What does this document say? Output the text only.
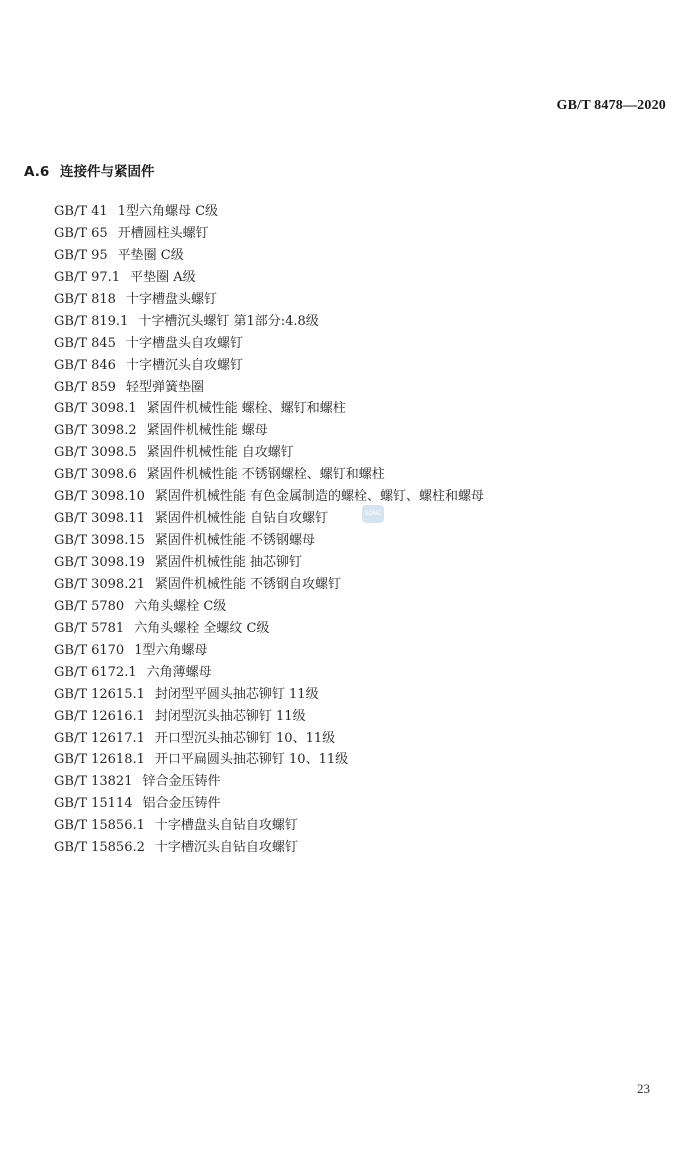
GB/T 8478—2020
A.6 连接件与紧固件
GB/T 41 1型六角螺母 C级
GB/T 65 开槽圆柱头螺钉
GB/T 95 平垫圈 C级
GB/T 97.1 平垫圈 A级
GB/T 818 十字槽盘头螺钉
GB/T 819.1 十字槽沉头螺钉 第1部分:4.8级
GB/T 845 十字槽盘头自攻螺钉
GB/T 846 十字槽沉头自攻螺钉
GB/T 859 轻型弹簧垫圈
GB/T 3098.1 紧固件机械性能 螺栓、螺钉和螺柱
GB/T 3098.2 紧固件机械性能 螺母
GB/T 3098.5 紧固件机械性能 自攻螺钉
GB/T 3098.6 紧固件机械性能 不锈钢螺栓、螺钉和螺柱
GB/T 3098.10 紧固件机械性能 有色金属制造的螺栓、螺钉、螺柱和螺母
GB/T 3098.11 紧固件机械性能 自钻自攻螺钉
GB/T 3098.15 紧固件机械性能 不锈钢螺母
GB/T 3098.19 紧固件机械性能 抽芯铆钉
GB/T 3098.21 紧固件机械性能 不锈钢自攻螺钉
GB/T 5780 六角头螺栓 C级
GB/T 5781 六角头螺栓 全螺纹 C级
GB/T 6170 1型六角螺母
GB/T 6172.1 六角薄螺母
GB/T 12615.1 封闭型平圆头抽芯铆钉 11级
GB/T 12616.1 封闭型沉头抽芯铆钉 11级
GB/T 12617.1 开口型沉头抽芯铆钉 10、11级
GB/T 12618.1 开口平扁圆头抽芯铆钉 10、11级
GB/T 13821 锌合金压铸件
GB/T 15114 铝合金压铸件
GB/T 15856.1 十字槽盘头自钻自攻螺钉
GB/T 15856.2 十字槽沉头自钻自攻螺钉
SDNC
23
